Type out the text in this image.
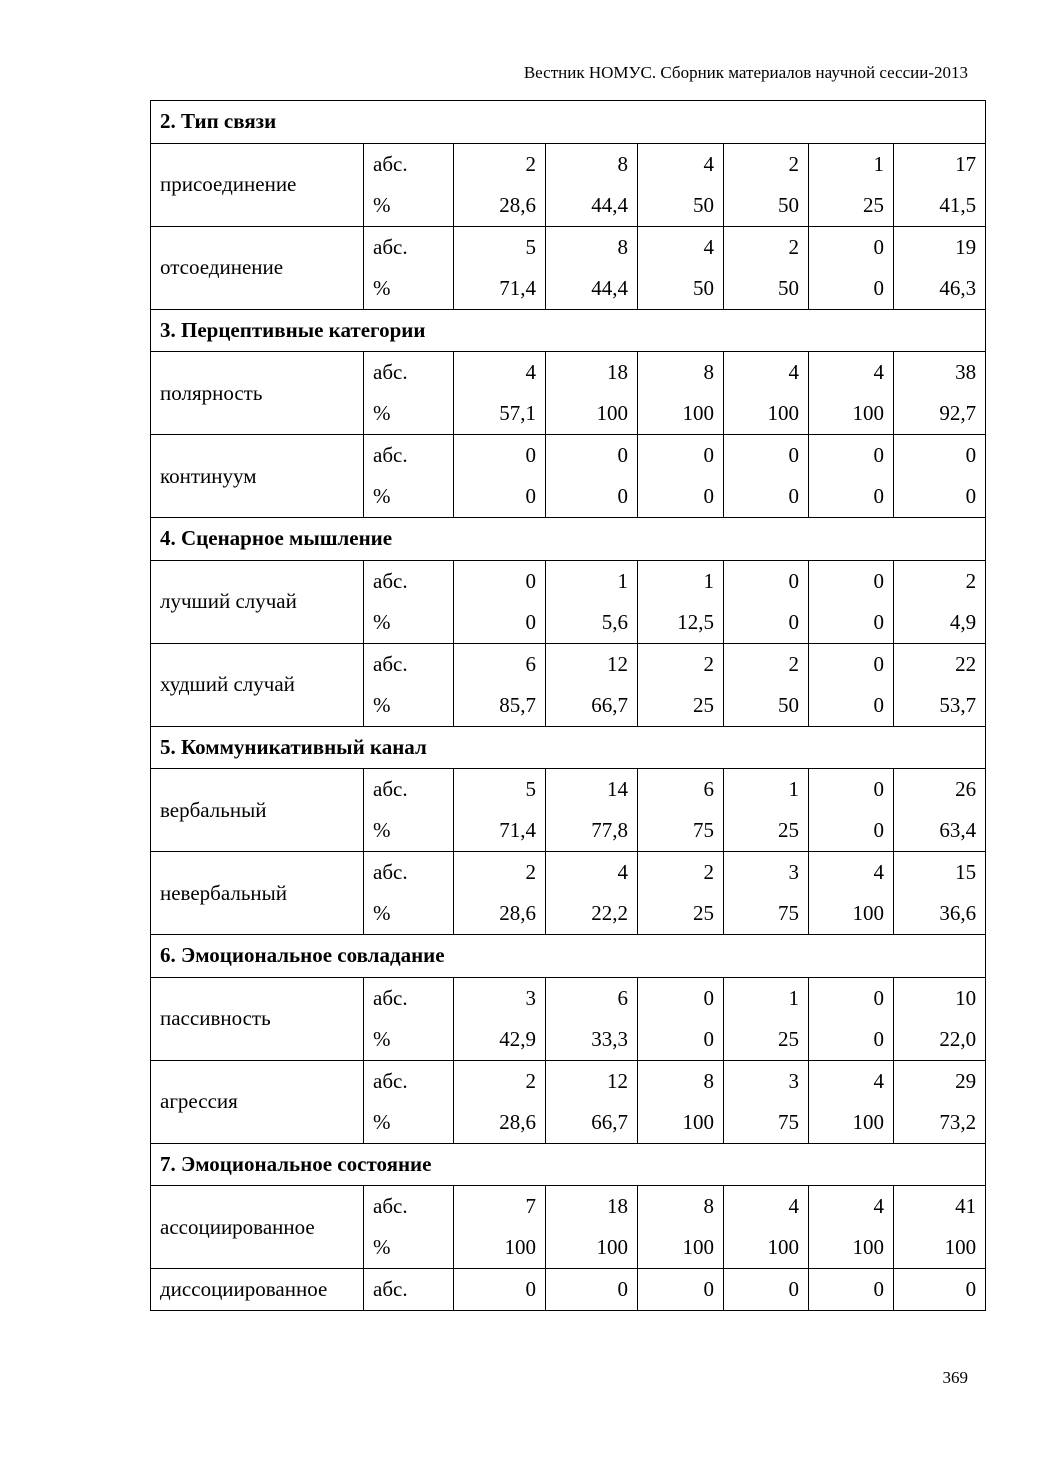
Вестник НОМУС. Сборник материалов научной сессии-2013
2. Тип связи							
присоединение	абс.	2	8	4	2	1	17
	%	28,6	44,4	50	50	25	41,5
отсоединение	абс.	5	8	4	2	0	19
	%	71,4	44,4	50	50	0	46,3
3. Перцептивные категории							
полярность	абс.	4	18	8	4	4	38
	%	57,1	100	100	100	100	92,7
континуум	абс.	0	0	0	0	0	0
	%	0	0	0	0	0	0
4. Сценарное мышление							
лучший случай	абс.	0	1	1	0	0	2
	%	0	5,6	12,5	0	0	4,9
худший случай	абс.	6	12	2	2	0	22
	%	85,7	66,7	25	50	0	53,7
5. Коммуникативный канал							
вербальный	абс.	5	14	6	1	0	26
	%	71,4	77,8	75	25	0	63,4
невербальный	абс.	2	4	2	3	4	15
	%	28,6	22,2	25	75	100	36,6
6. Эмоциональное совладание							
пассивность	абс.	3	6	0	1	0	10
	%	42,9	33,3	0	25	0	22,0
агрессия	абс.	2	12	8	3	4	29
	%	28,6	66,7	100	75	100	73,2
7. Эмоциональное состояние							
ассоциированное	абс.	7	18	8	4	4	41
	%	100	100	100	100	100	100
диссоциированное	абс.	0	0	0	0	0	0
369
